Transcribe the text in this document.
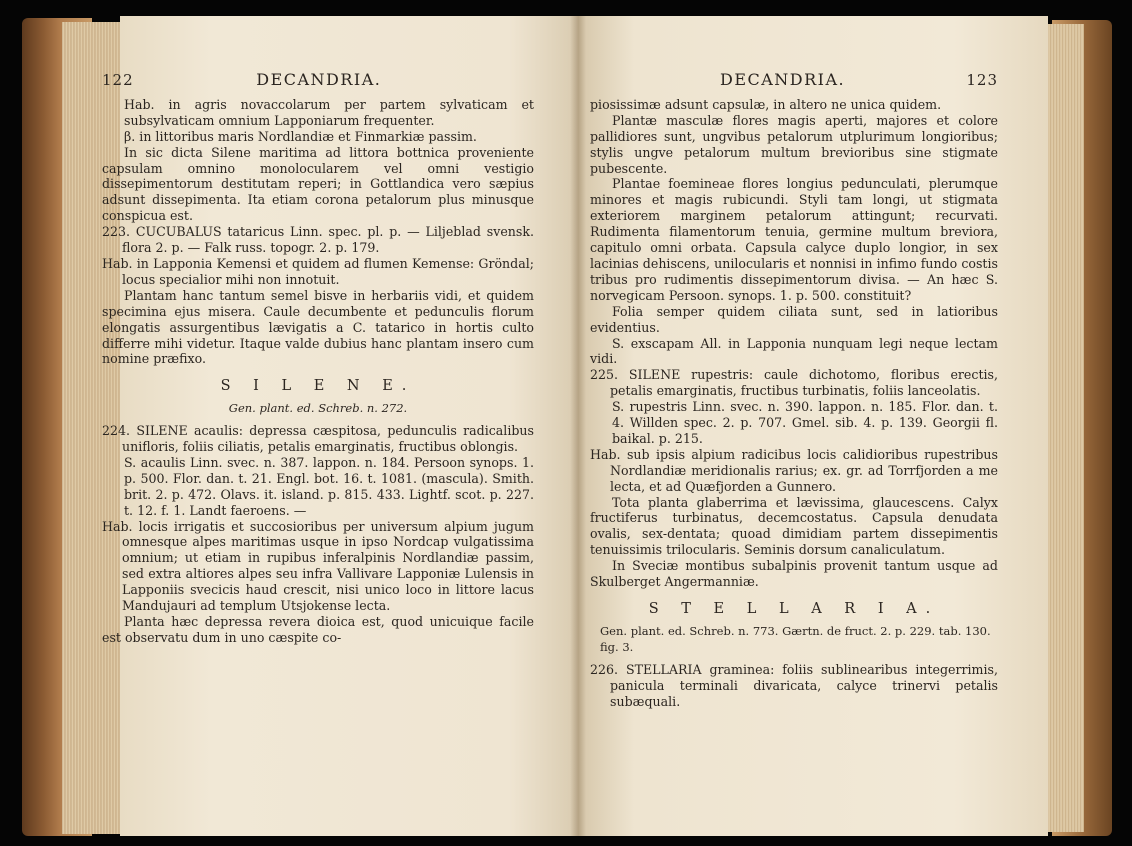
122	DECANDRIA.

Hab. in agris novaccolarum per partem sylvaticam et subsylvaticam omnium Lapponiarum frequenter.

β. in littoribus maris Nordlandiæ et Finmarkiæ passim.

In sic dicta Silene maritima ad littora bottnica proveniente capsulam omnino monolocularem vel omni vestigio dissepimentorum destitutam reperi; in Gottlandica vero sæpius adsunt dissepimenta. Ita etiam corona petalorum plus minusque conspicua est.

223. CUCUBALUS tataricus Linn. spec. pl. p. — Liljeblad svensk. flora 2. p. — Falk russ. topogr. 2. p. 179.

Hab. in Lapponia Kemensi et quidem ad flumen Kemense: Gröndal; locus specialior mihi non innotuit.

Plantam hanc tantum semel bisve in herbariis vidi, et quidem specimina ejus misera. Caule decumbente et pedunculis florum elongatis assurgentibus lævigatis a C. tatarico in hortis culto differre mihi videtur. Itaque valde dubius hanc plantam insero cum nomine præfixo.

S I L E N E.
Gen. plant. ed. Schreb. n. 272.

224. SILENE acaulis: depressa cæspitosa, pedunculis radicalibus unifloris, foliis ciliatis, petalis emarginatis, fructibus oblongis.

S. acaulis Linn. svec. n. 387. lappon. n. 184. Persoon synops. 1. p. 500. Flor. dan. t. 21. Engl. bot. 16. t. 1081. (mascula). Smith. brit. 2. p. 472. Olavs. it. island. p. 815. 433. Lightf. scot. p. 227. t. 12. f. 1. Landt faeroens. —

Hab. locis irrigatis et succosioribus per universum alpium jugum omnesque alpes maritimas usque in ipso Nordcap vulgatissima omnium; ut etiam in rupibus inferalpinis Nordlandiæ passim, sed extra altiores alpes seu infra Vallivare Lapponiæ Lulensis in Lapponiis svecicis haud crescit, nisi unico loco in littore lacus Mandujauri ad templum Utsjokense lecta.

Planta hæc depressa revera dioica est, quod unicuique facile est observatu dum in uno cæspite co-

DECANDRIA.	123

piosissimæ adsunt capsulæ, in altero ne unica quidem.

Plantæ masculæ flores magis aperti, majores et colore pallidiores sunt, ungvibus petalorum utplurimum longioribus; stylis ungve petalorum multum brevioribus sine stigmate pubescente.

Plantae foemineae flores longius pedunculati, plerumque minores et magis rubicundi. Styli tam longi, ut stigmata exteriorem marginem petalorum attingunt; recurvati. Rudimenta filamentorum tenuia, germine multum breviora, capitulo omni orbata. Capsula calyce duplo longior, in sex lacinias dehiscens, unilocularis et nonnisi in infimo fundo costis tribus pro rudimentis dissepimentorum divisa. — An hæc S. norvegicam Persoon. synops. 1. p. 500. constituit?

Folia semper quidem ciliata sunt, sed in latioribus evidentius.

S. exscapam All. in Lapponia nunquam legi neque lectam vidi.

225. SILENE rupestris: caule dichotomo, floribus erectis, petalis emarginatis, fructibus turbinatis, foliis lanceolatis.

S. rupestris Linn. svec. n. 390. lappon. n. 185. Flor. dan. t. 4. Willden spec. 2. p. 707. Gmel. sib. 4. p. 139. Georgii fl. baikal. p. 215.

Hab. sub ipsis alpium radicibus locis calidioribus rupestribus Nordlandiæ meridionalis rarius; ex. gr. ad Torrfjorden a me lecta, et ad Quæfjorden a Gunnero.

Tota planta glaberrima et lævissima, glaucescens. Calyx fructiferus turbinatus, decemcostatus. Capsula denudata ovalis, sex-dentata; quoad dimidiam partem dissepimentis tenuissimis trilocularis. Seminis dorsum canaliculatum.

In Sveciæ montibus subalpinis provenit tantum usque ad Skulberget Angermanniæ.

S T E L L A R I A.
Gen. plant. ed. Schreb. n. 773. Gærtn. de fruct. 2. p. 229. tab. 130. fig. 3.

226. STELLARIA graminea: foliis sublinearibus integerrimis, panicula terminali divaricata, calyce trinervi petalis subæquali.
